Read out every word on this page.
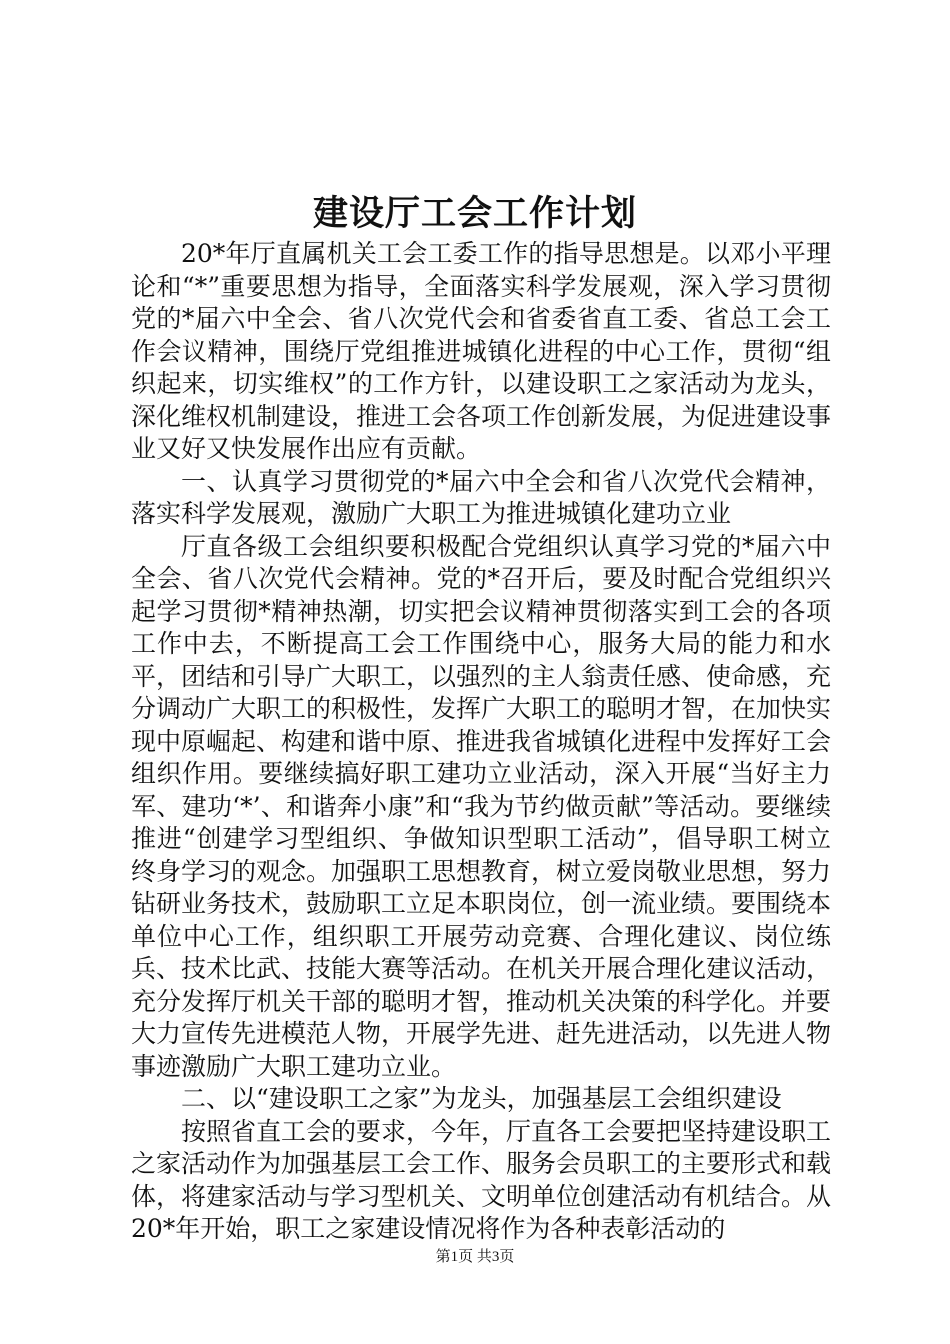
建设厅工会工作计划

20*年厅直属机关工会工委工作的指导思想是。以邓小平理论和“*”重要思想为指导，全面落实科学发展观，深入学习贯彻党的*届六中全会、省八次党代会和省委省直工委、省总工会工作会议精神，围绕厅党组推进城镇化进程的中心工作，贯彻“组织起来，切实维权”的工作方针，以建设职工之家活动为龙头，深化维权机制建设，推进工会各项工作创新发展，为促进建设事业又好又快发展作出应有贡献。

一、认真学习贯彻党的*届六中全会和省八次党代会精神，落实科学发展观，激励广大职工为推进城镇化建功立业

厅直各级工会组织要积极配合党组织认真学习党的*届六中全会、省八次党代会精神。党的*召开后，要及时配合党组织兴起学习贯彻*精神热潮，切实把会议精神贯彻落实到工会的各项工作中去，不断提高工会工作围绕中心，服务大局的能力和水平，团结和引导广大职工，以强烈的主人翁责任感、使命感，充分调动广大职工的积极性，发挥广大职工的聪明才智，在加快实现中原崛起、构建和谐中原、推进我省城镇化进程中发挥好工会组织作用。要继续搞好职工建功立业活动，深入开展“当好主力军、建功‘*’、和谐奔小康”和“我为节约做贡献”等活动。要继续推进“创建学习型组织、争做知识型职工活动”，倡导职工树立终身学习的观念。加强职工思想教育，树立爱岗敬业思想，努力钻研业务技术，鼓励职工立足本职岗位，创一流业绩。要围绕本单位中心工作，组织职工开展劳动竞赛、合理化建议、岗位练兵、技术比武、技能大赛等活动。在机关开展合理化建议活动，充分发挥厅机关干部的聪明才智，推动机关决策的科学化。并要大力宣传先进模范人物，开展学先进、赶先进活动，以先进人物事迹激励广大职工建功立业。

二、以“建设职工之家”为龙头，加强基层工会组织建设

按照省直工会的要求，今年，厅直各工会要把坚持建设职工之家活动作为加强基层工会工作、服务会员职工的主要形式和载体，将建家活动与学习型机关、文明单位创建活动有机结合。从20*年开始，职工之家建设情况将作为各种表彰活动的

第1页 共3页
